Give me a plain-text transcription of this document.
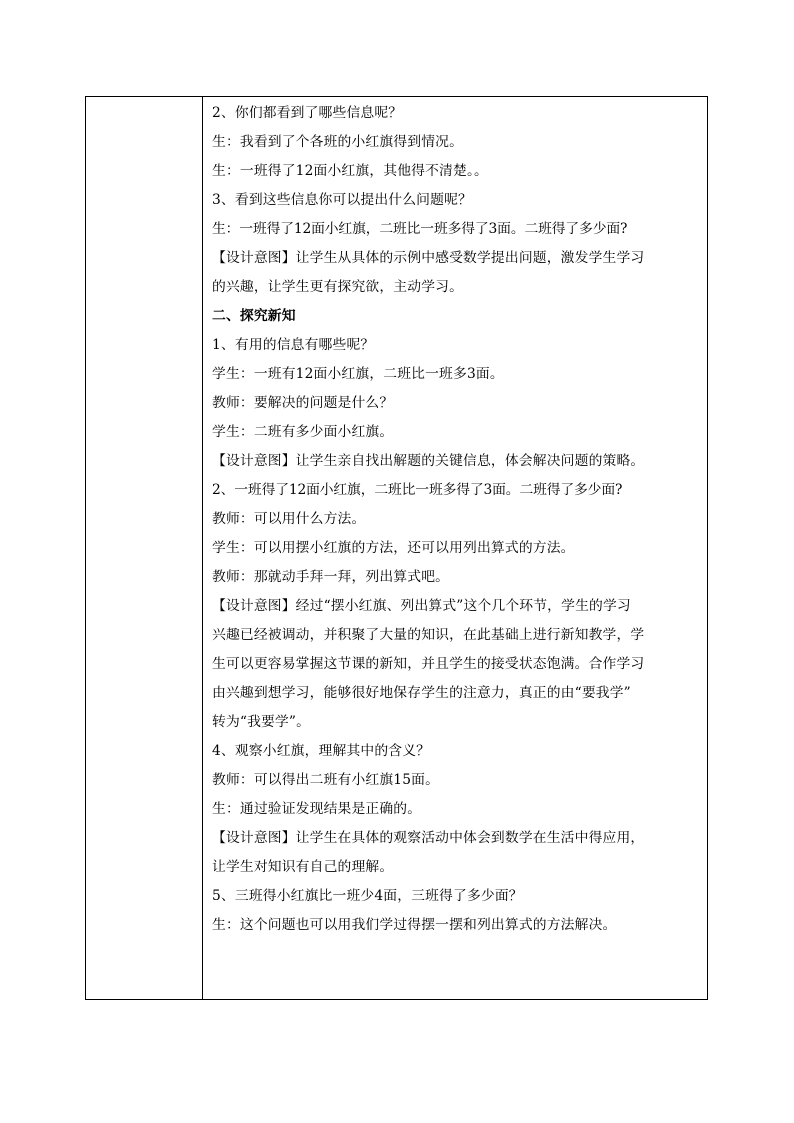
2、你们都看到了哪些信息呢？
生：我看到了个各班的小红旗得到情况。
生：一班得了12面小红旗，其他得不清楚。。
3、看到这些信息你可以提出什么问题呢？
生：一班得了12面小红旗，二班比一班多得了3面。二班得了多少面?
【设计意图】让学生从具体的示例中感受数学提出问题，激发学生学习
的兴趣，让学生更有探究欲，主动学习。
二、探究新知
1、有用的信息有哪些呢？
学生：一班有12面小红旗，二班比一班多3面。
教师：要解决的问题是什么？
学生：二班有多少面小红旗。
【设计意图】让学生亲自找出解题的关键信息，体会解决问题的策略。
2、一班得了12面小红旗，二班比一班多得了3面。二班得了多少面?
教师：可以用什么方法。
学生：可以用摆小红旗的方法，还可以用列出算式的方法。
教师：那就动手拜一拜，列出算式吧。
【设计意图】经过“摆小红旗、列出算式”这个几个环节，学生的学习
兴趣已经被调动，并积聚了大量的知识，在此基础上进行新知教学，学
生可以更容易掌握这节课的新知，并且学生的接受状态饱满。合作学习
由兴趣到想学习，能够很好地保存学生的注意力，真正的由“要我学”
转为“我要学”。
4、观察小红旗，理解其中的含义？
教师：可以得出二班有小红旗15面。
生：通过验证发现结果是正确的。
【设计意图】让学生在具体的观察活动中体会到数学在生活中得应用，
让学生对知识有自己的理解。
5、三班得小红旗比一班少4面，三班得了多少面？
生：这个问题也可以用我们学过得摆一摆和列出算式的方法解决。
